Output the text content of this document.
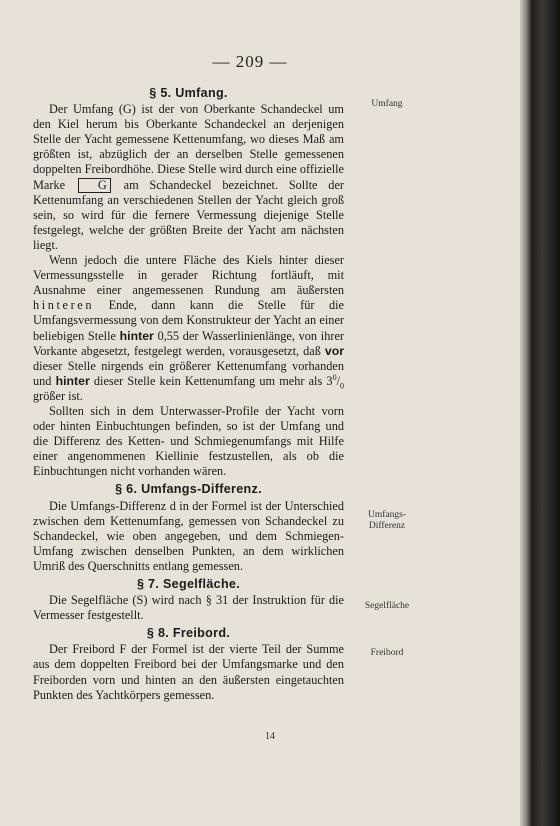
— 209 —
§ 5. Umfang.

Der Umfang (G) ist der von Oberkante Schandeckel um den Kiel herum bis Oberkante Schandeckel an derjenigen Stelle der Yacht gemessene Kettenumfang, wo dieses Maß am größten ist, abzüglich der an derselben Stelle gemessenen doppelten Freibordhöhe. Diese Stelle wird durch eine offizielle Marke	G am Schandeckel bezeichnet. Sollte der Kettenumfang an verschiedenen Stellen der Yacht gleich groß sein, so wird für die fernere Vermessung diejenige Stelle festgelegt, welche der größten Breite der Yacht am nächsten liegt.

Wenn jedoch die untere Fläche des Kiels hinter dieser Vermessungsstelle in gerader Richtung fortläuft, mit Ausnahme einer angemessenen Rundung am äußersten hinteren Ende, dann kann die Stelle für die Umfangsvermessung von dem Konstrukteur der Yacht an einer beliebigen Stelle hinter 0,55 der Wasserlinienlänge, von ihrer Vorkante abgesetzt, festgelegt werden, vorausgesetzt, daß vor dieser Stelle nirgends ein größerer Kettenumfang vorhanden und hinter dieser Stelle kein Kettenumfang um mehr als $3^0/_0$ größer ist.

Sollten sich in dem Unterwasser-Profile der Yacht vorn oder hinten Einbuchtungen befinden, so ist der Umfang und die Differenz des Ketten- und Schmiegenumfangs mit Hilfe einer angenommenen Kiellinie festzustellen, als ob die Einbuchtungen nicht vorhanden wären.

§ 6. Umfangs-Differenz.

Die Umfangs-Differenz d in der Formel ist der Unterschied zwischen dem Kettenumfang, gemessen von Schandeckel zu Schandeckel, wie oben angegeben, und dem Schmiegen-Umfang zwischen denselben Punkten, an dem wirklichen Umriß des Querschnitts entlang gemessen.

§ 7. Segelfläche.

Die Segelfläche (S) wird nach § 31 der Instruktion für die Vermesser festgestellt.

§ 8. Freibord.

Der Freibord F der Formel ist der vierte Teil der Summe aus dem doppelten Freibord bei der Umfangsmarke und den Freiborden vorn und hinten an den äußersten eingetauchten Punkten des Yachtkörpers gemessen.

Umfang
Umfangs-
Differenz
Segelfläche
Freibord
14
